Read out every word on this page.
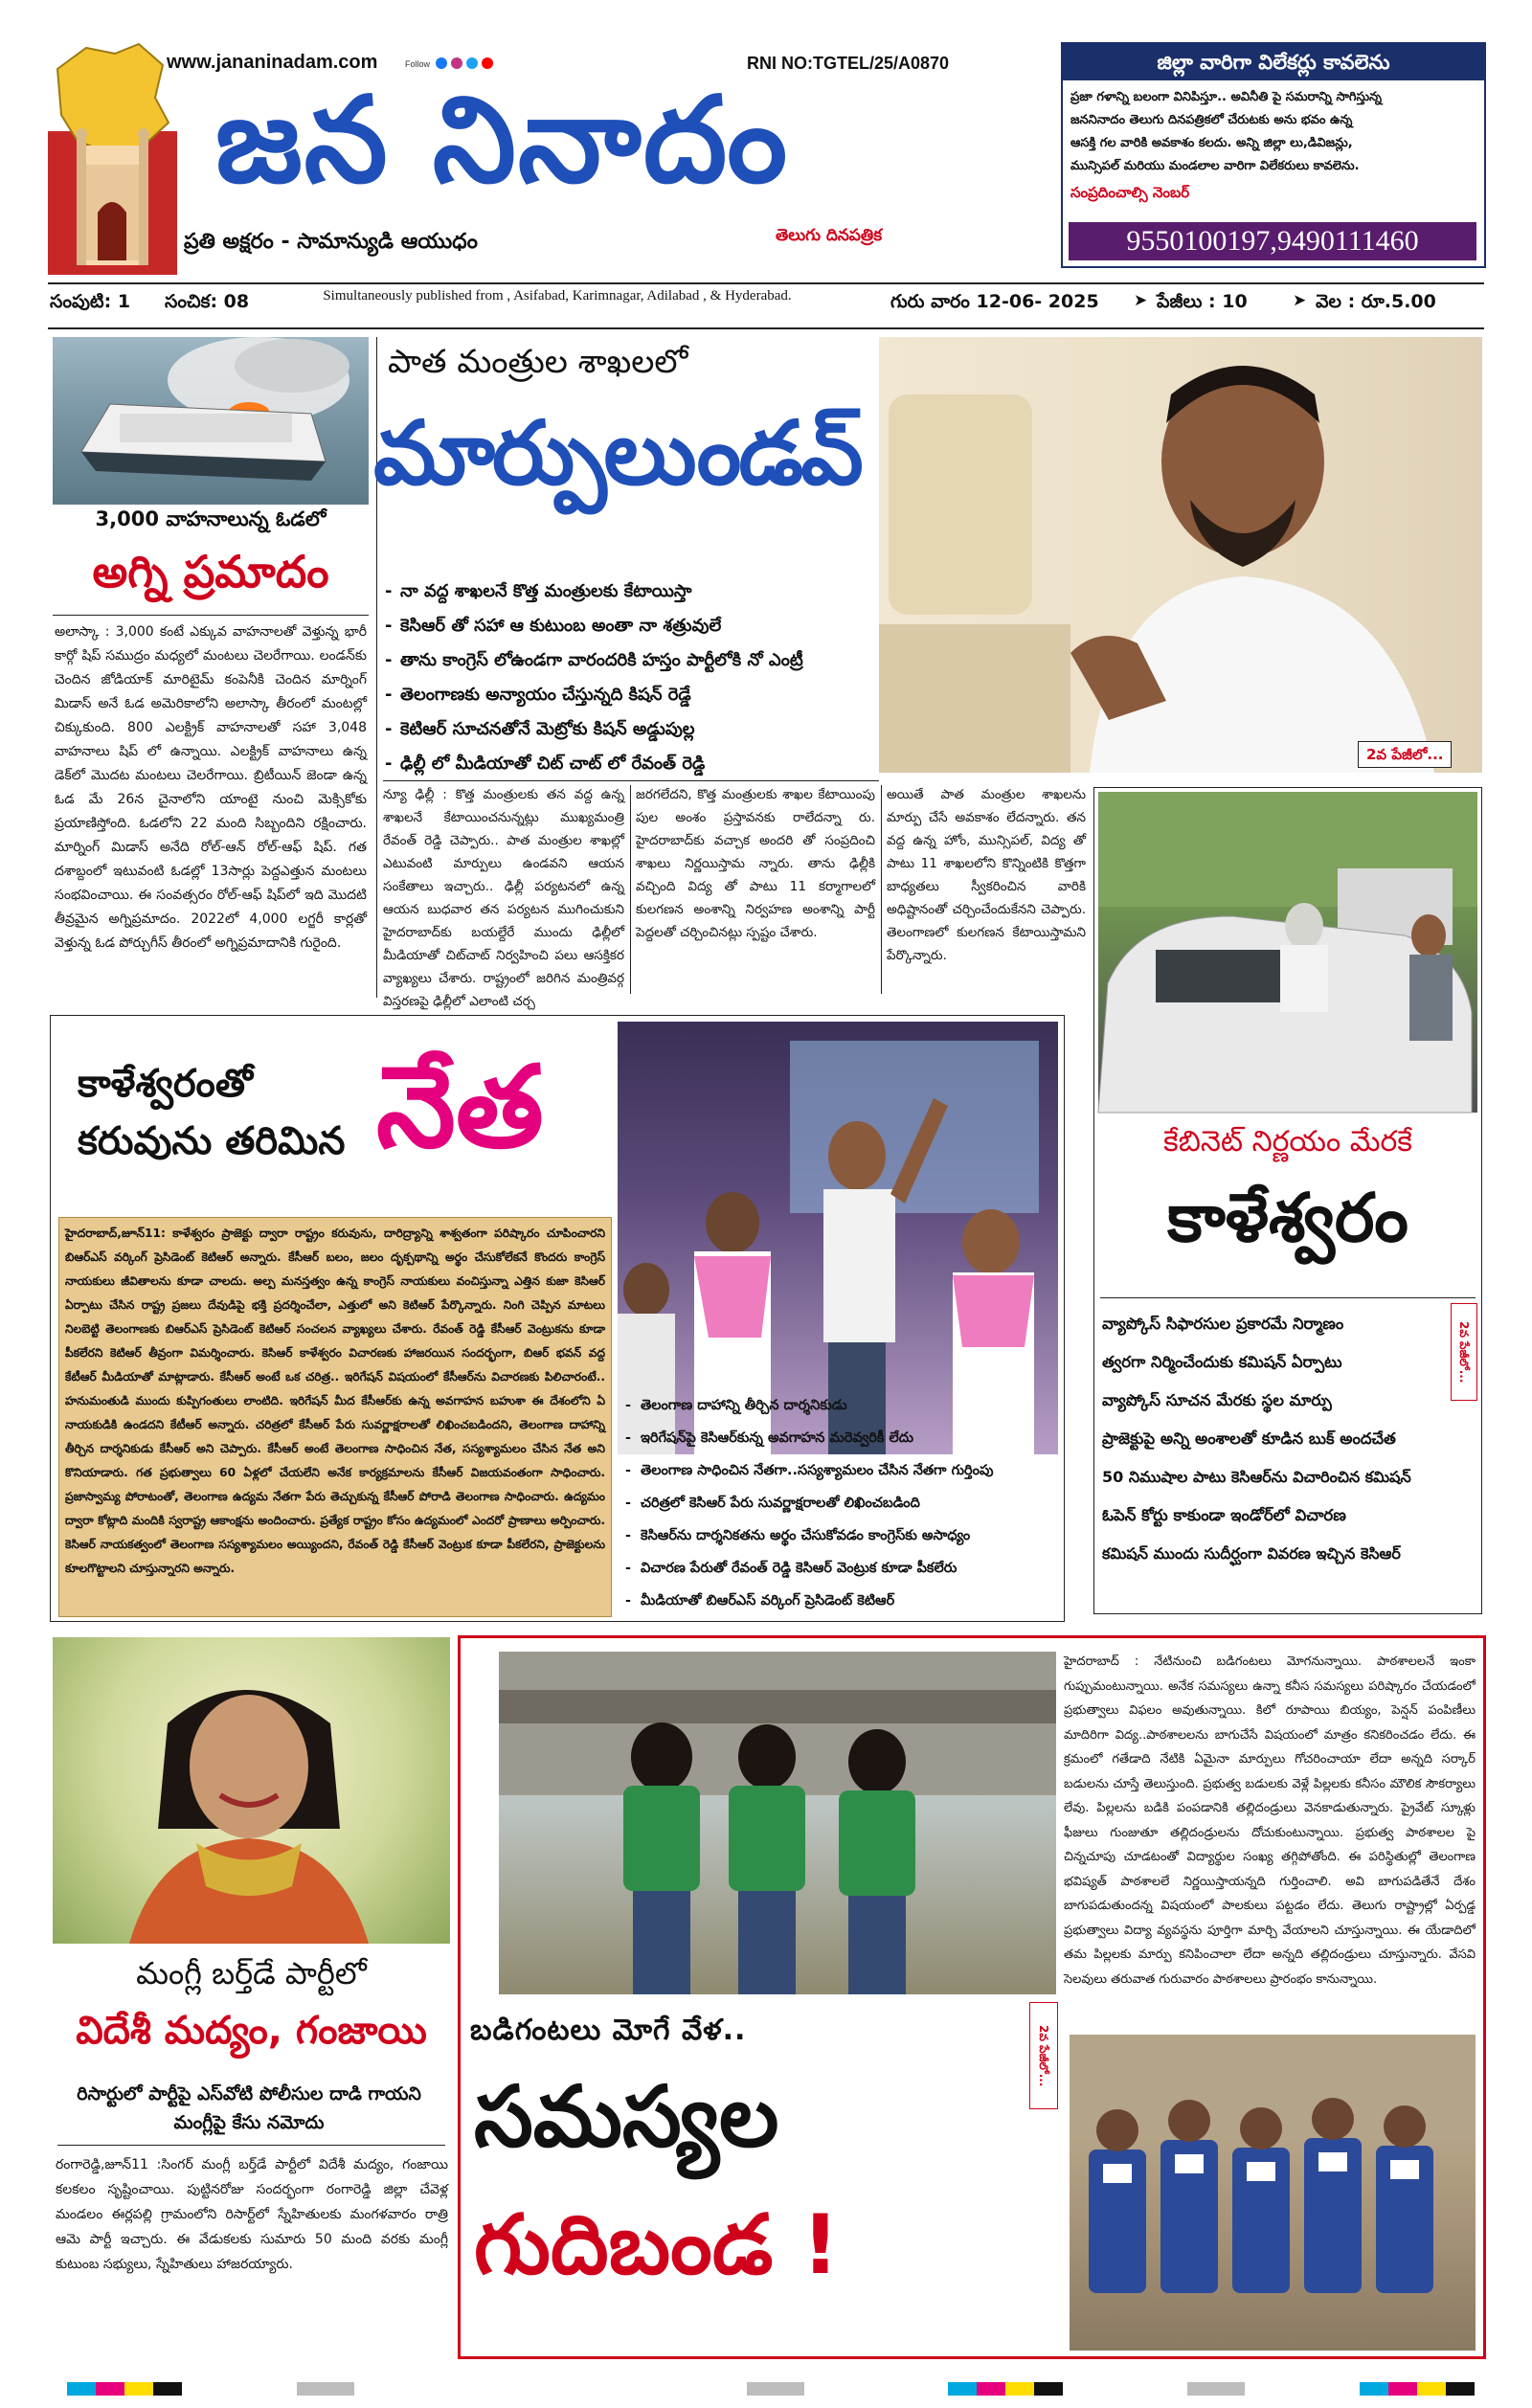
www.jananinadam.com	Follow	RNI NO:TGTEL/25/A0870
జన నినాదం
ప్రతి అక్షరం - సామాన్యుడి ఆయుధం	తెలుగు దినపత్రిక
జిల్లా వారిగా విలేకర్లు కావలెను
ప్రజా గళాన్ని బలంగా వినిపిస్తూ.. అవినీతి పై సమరాన్ని సాగిస్తున్న
జననినాదం తెలుగు దినపత్రికలో చేరుటకు అను భవం ఉన్న
ఆసక్తి గల వారికి అవకాశం కలదు. అన్ని జిల్లా లు,డివిజన్లు,
మున్సిపల్ మరియు మండలాల వారిగా విలేకరులు కావలెను.
సంప్రదించాల్సి నెంబర్
9550100197,9490111460
సంపుటి: 1 సంచిక: 08	Simultaneously published from , Asifabad, Karimnagar, Adilabad , & Hyderabad.	గురు వారం 12-06- 2025 ➤ పేజీలు : 10	➤ వెల : రూ.5.00
3,000 వాహనాలున్న ఓడలో
అగ్ని ప్రమాదం
అలాస్కా : 3,000 కంటే ఎక్కువ వాహనాలతో వెళ్తున్న భారీ కార్గో షిప్ సముద్రం మధ్యలో మంటలు చెలరేగాయి. లండన్‌కు చెందిన జోడియాక్ మారిటైమ్ కంపెనీకి చెందిన మార్నింగ్ మిడాస్ అనే ఓడ అమెరికాలోని అలాస్కా తీరంలో మంటల్లో చిక్కుకుంది. 800 ఎలక్ట్రిక్ వాహనాలతో సహా 3,048 వాహనాలు షిప్ లో ఉన్నాయి. ఎలక్ట్రిక్ వాహనాలు ఉన్న డెక్‌లో మొదట మంటలు చెలరేగాయి. బ్రిటీయిన్ జెండా ఉన్న ఓడ మే 26న చైనాలోని యాంటై నుంచి మెక్సికోకు ప్రయాణిస్తోంది. ఓడలోని 22 మంది సిబ్బందిని రక్షించారు. మార్నింగ్ మిడాస్ అనేది రోల్-ఆన్ రోల్-ఆఫ్ షిప్. గత దశాబ్దంలో ఇటువంటి ఓడల్లో 13సార్లు పెద్దఎత్తున మంటలు సంభవించాయి. ఈ సంవత్సరం రోల్-ఆఫ్ షిప్‌లో ఇది మొదటి తీవ్రమైన అగ్నిప్రమాదం. 2022లో 4,000 లగ్జరీ కార్లతో వెళ్తున్న ఓడ పోర్చుగీస్ తీరంలో అగ్నిప్రమాదానికి గురైంది.
పాత మంత్రుల శాఖలలో
మార్పులుండవ్
- నా వద్ద శాఖలనే కొత్త మంత్రులకు కేటాయిస్తా
- కెసిఆర్ తో సహా ఆ కుటుంబ అంతా నా శత్రువులే
- తాను కాంగ్రెస్ లోఉండగా వారందరికి హస్తం పార్టీలోకి నో ఎంట్రీ
- తెలంగాణకు అన్యాయం చేస్తున్నది కిషన్ రెడ్డే
- కెటిఆర్ సూచనతోనే మెట్రోకు కిషన్ అడ్డుపుల్ల
- ఢిల్లీ లో మీడియాతో చిట్ చాట్ లో రేవంత్ రెడ్డి	2వ పేజీలో...
న్యూ ఢిల్లీ : కొత్త మంత్రులకు తన వద్ద ఉన్న శాఖలనే కేటాయించనున్నట్లు ముఖ్యమంత్రి రేవంత్ రెడ్డి చెప్పారు.. పాత మంత్రుల శాఖల్లో ఎటువంటి మార్పులు ఉండవని ఆయన సంకేతాలు ఇచ్చారు.. ఢిల్లీ పర్యటనలో ఉన్న ఆయన బుధవార తన పర్యటన ముగించుకుని హైదరాబాద్‌కు బయల్దేరే ముందు ఢిల్లీలో మీడియాతో చిట్‌చాట్ నిర్వహించి పలు ఆసక్తికర వ్యాఖ్యలు చేశారు. రాష్ట్రంలో జరిగిన మంత్రివర్గ విస్తరణపై ఢిల్లీలో ఎలాంటి చర్చ
జరగలేదని, కొత్త మంత్రులకు శాఖల కేటాయింపు పుల అంశం ప్రస్తావనకు రాలేదన్నా రు. హైదరాబాద్‌కు వచ్చాక అందరి తో సంప్రదించి శాఖలు నిర్ణయిస్తామ న్నారు. తాను ఢిల్లీకి వచ్చింది విద్య తో పాటు 11 కర్మాగాలలో కులగణన అంశాన్ని నిర్వహణ అంశాన్ని పార్టీ పెద్దలతో చర్చించినట్లు స్పష్టం చేశారు.
అయితే పాత మంత్రుల శాఖలను మార్పు చేసే అవకాశం లేదన్నారు. తన వద్ద ఉన్న హోం, మున్సిపల్, విద్య తో పాటు 11 శాఖలలోని కొన్నింటికి కొత్తగా బాధ్యతలు స్వీకరించిన వారికి అధిష్టానంతో చర్చించేందుకేనని చెప్పారు. తెలంగాణలో కులగణన కేటాయిస్తామని పేర్కొన్నారు.
కేబినెట్ నిర్ణయం మేరకే
కాళేశ్వరం
2వ పేజీలో...
వ్యాప్కోస్ సిఫారసుల ప్రకారమే నిర్మాణం
త్వరగా నిర్మించేందుకు కమిషన్ ఏర్పాటు
వ్యాప్కోస్ సూచన మేరకు స్థల మార్పు
ప్రాజెక్టుపై అన్ని అంశాలతో కూడిన బుక్ అందచేత
50 నిముషాల పాటు కెసిఆర్‌ను విచారించిన కమిషన్
ఓపెన్ కోర్టు కాకుండా ఇండోర్‌లో విచారణ
కమిషన్ ముందు సుదీర్ఘంగా వివరణ ఇచ్చిన కెసిఆర్
కాళేశ్వరంతో
కరువును తరిమిన నేత
హైదరాబాద్,జూన్11: కాళేశ్వరం ప్రాజెక్టు ద్వారా రాష్ట్రం కరువును, దారిద్ర్యాన్ని శాశ్వతంగా పరిష్కారం చూపించారని బిఆర్‌ఎస్ వర్కింగ్ ప్రెసిడెంట్ కెటిఆర్ అన్నారు. కేసీఆర్ బలం, జలం దృక్పథాన్ని అర్థం చేసుకోలేకనే కొందరు కాంగ్రెస్ నాయకులు జీవితాలను కూడా చాలదు. అల్ప మనస్తత్వం ఉన్న కాంగ్రెస్ నాయకులు వంచిస్తున్నా ఎత్తిన కుజా కెసిఆర్ ఏర్పాటు చేసిన రాష్ట్ర ప్రజలు దేవుడిపై భక్తి ప్రదర్శించేలా, ఎత్తులో అని కెటిఆర్ పేర్కొన్నారు. నింగి చెప్పిన మాటలు నిలబెట్టి తెలంగాణకు బిఆర్‌ఎస్ ప్రెసిడెంట్ కెటిఆర్ సంచలన వ్యాఖ్యలు చేశారు. రేవంత్ రెడ్డి కేసీఆర్ వెంట్రుకను కూడా పీకలేరని కెటిఆర్ తీవ్రంగా విమర్శించారు. కెసిఆర్ కాళేశ్వరం విచారణకు హాజరయిన సందర్భంగా, బిఆర్ భవన్ వద్ద కేటీఆర్ మీడియాతో మాట్లాడారు. కేసీఆర్ అంటే ఒక చరిత్ర.. ఇరిగేషన్ విషయంలో కేసీఆర్‌ను విచారణకు పిలిచారంటే.. హనుమంతుడి ముందు కుప్పిగంతులు లాంటిది. ఇరిగేషన్ మీద కేసీఆర్‌కు ఉన్న అవగాహన బహుశా ఈ దేశంలోని ఏ నాయకుడికి ఉండదని కేటీఆర్ అన్నారు. చరిత్రలో కేసీఆర్ పేరు సువర్ణాక్షరాలతో లిఖించబడిందని, తెలంగాణ దాహాన్ని తీర్చిన దార్శనికుడు కేసీఆర్ అని చెప్పారు. కేసీఆర్ అంటే తెలంగాణ సాధించిన నేత, సస్యశ్యామలం చేసిన నేత అని కొనియాడారు. గత ప్రభుత్వాలు 60 ఏళ్లలో చేయలేని అనేక కార్యక్రమాలను కేసీఆర్ విజయవంతంగా సాధించారు. ప్రజాస్వామ్య పోరాటంతో, తెలంగాణ ఉద్యమ నేతగా పేరు తెచ్చుకున్న కేసీఆర్ పోరాడి తెలంగాణ సాధించారు. ఉద్యమం ద్వారా కోట్లాది మందికి స్వరాష్ట్ర ఆకాంక్షను అందించారు. ప్రత్యేక రాష్ట్రం కోసం ఉద్యమంలో ఎందరో ప్రాణాలు అర్పించారు. కెసిఆర్ నాయకత్వంలో తెలంగాణ సస్యశ్యామలం అయ్యిందని, రేవంత్ రెడ్డి కేసీఆర్ వెంట్రుక కూడా పీకలేరని, ప్రాజెక్టులను కూలగొట్టాలని చూస్తున్నారని అన్నారు.
- తెలంగాణ దాహాన్ని తీర్చిన దార్శనికుడు
- ఇరిగేషన్‌పై కెసిఆర్‌కున్న అవగాహన మరెవ్వరికీ లేదు
- తెలంగాణ సాధించిన నేతగా..సస్యశ్యామలం చేసిన నేతగా గుర్తింపు
- చరిత్రలో కెసిఆర్ పేరు సువర్ణాక్షరాలతో లిఖించబడింది
- కెసిఆర్‌ను దార్శనికతను అర్థం చేసుకోవడం కాంగ్రెస్‌కు అసాధ్యం
- విచారణ పేరుతో రేవంత్ రెడ్డి కెసిఆర్ వెంట్రుక కూడా పీకలేరు
- మీడియాతో బిఆర్ఎస్ వర్కింగ్ ప్రెసిడెంట్ కెటిఆర్
మంగ్లీ బర్త్‌డే పార్టీలో
విదేశీ మద్యం, గంజాయి
రిసార్టులో పార్టీపై ఎస్‌వోటి పోలీసుల దాడి గాయని మంగ్లీపై కేసు నమోదు
రంగారెడ్డి,జూన్11 :సింగర్ మంగ్లీ బర్త్‌డే పార్టీలో విదేశీ మద్యం, గంజాయి కలకలం సృష్టించాయి. పుట్టినరోజు సందర్భంగా రంగారెడ్డి జిల్లా చేవెళ్ల మండలం ఈర్లపల్లి గ్రామంలోని రిసార్ట్‌లో స్నేహితులకు మంగళవారం రాత్రి ఆమె పార్టీ ఇచ్చారు. ఈ వేడుకలకు సుమారు 50 మంది వరకు మంగ్లీ కుటుంబ సభ్యులు, స్నేహితులు హాజరయ్యారు.
హైదరాబాద్ : నేటినుంచి బడిగంటలు మోగనున్నాయి. పాఠశాలలనే ఇంకా గుప్పుమంటున్నాయి. అనేక సమస్యలు ఉన్నా కనీస సమస్యలు పరిష్కారం చేయడంలో ప్రభుత్వాలు విఫలం అవుతున్నాయి. కిలో రూపాయి బియ్యం, పెన్షన్ పంపిణీలు మాదిరిగా విద్య..పాఠశాలలను బాగుచేసే విషయంలో మాత్రం కనికరించడం లేదు. ఈ క్రమంలో గతేడాది నేటికి ఏమైనా మార్పులు గోచరించాయా లేదా అన్నది సర్కార్ బడులను చూస్తే తెలుస్తుంది. ప్రభుత్వ బడులకు వెళ్లే పిల్లలకు కనీసం మౌలిక సౌకర్యాలు లేవు. పిల్లలను బడికి పంపడానికి తల్లిదండ్రులు వెనకాడుతున్నారు. ప్రైవేట్ స్కూళ్లు ఫీజులు గుంజుతూ తల్లిదండ్రులను దోచుకుంటున్నాయి. ప్రభుత్వ పాఠశాలల పై చిన్నచూపు చూడటంతో విద్యార్థుల సంఖ్య తగ్గిపోతోంది. ఈ పరిస్థితుల్లో తెలంగాణ భవిష్యత్ పాఠశాలలే నిర్ణయిస్తాయన్నది గుర్తించాలి. అవి బాగుపడితేనే దేశం బాగుపడుతుందన్న విషయంలో పాలకులు పట్టడం లేదు. తెలుగు రాష్ట్రాల్లో ఏర్పడ్డ ప్రభుత్వాలు విద్యా వ్యవస్థను పూర్తిగా మార్చి వేయాలని చూస్తున్నాయి. ఈ యేడాదిలో తమ పిల్లలకు మార్పు కనిపించాలా లేదా అన్నది తల్లిదండ్రులు చూస్తున్నారు. వేసవి సెలవులు తరువాత గురువారం పాఠశాలలు ప్రారంభం కానున్నాయి.
బడిగంటలు మోగే వేళ..	2వ పేజీలో...
సమస్యల
గుదిబండ !
